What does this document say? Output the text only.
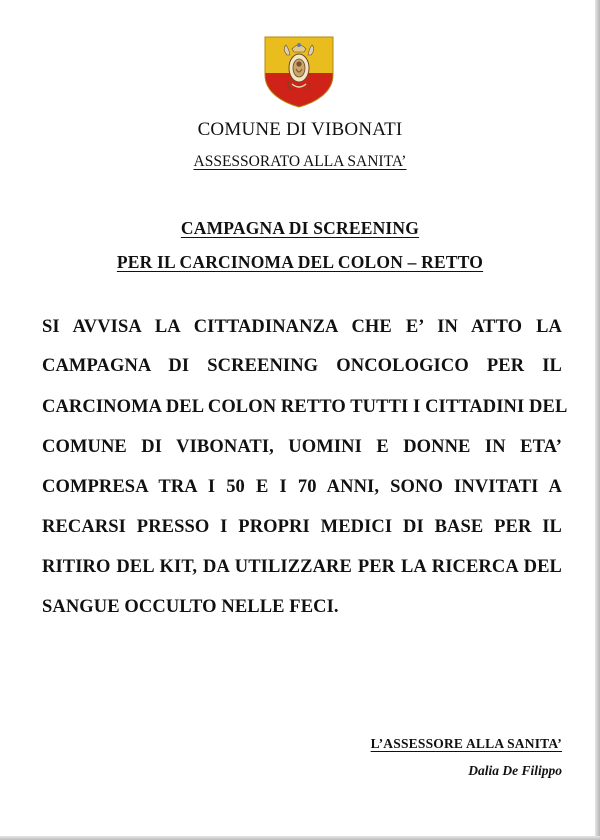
COMUNE DI VIBONATI
ASSESSORATO ALLA SANITA’
CAMPAGNA DI SCREENING
PER IL CARCINOMA DEL COLON – RETTO
SI AVVISA LA CITTADINANZA CHE E’ IN ATTO LA
CAMPAGNA DI SCREENING ONCOLOGICO PER IL
CARCINOMA DEL COLON RETTO TUTTI I CITTADINI DEL
COMUNE DI VIBONATI, UOMINI E DONNE IN ETA’
COMPRESA TRA I 50 E I 70 ANNI, SONO INVITATI A
RECARSI PRESSO I PROPRI MEDICI DI BASE PER IL
RITIRO DEL KIT, DA UTILIZZARE PER LA RICERCA DEL
SANGUE OCCULTO NELLE FECI.
L’ASSESSORE ALLA SANITA’
Dalia De Filippo
